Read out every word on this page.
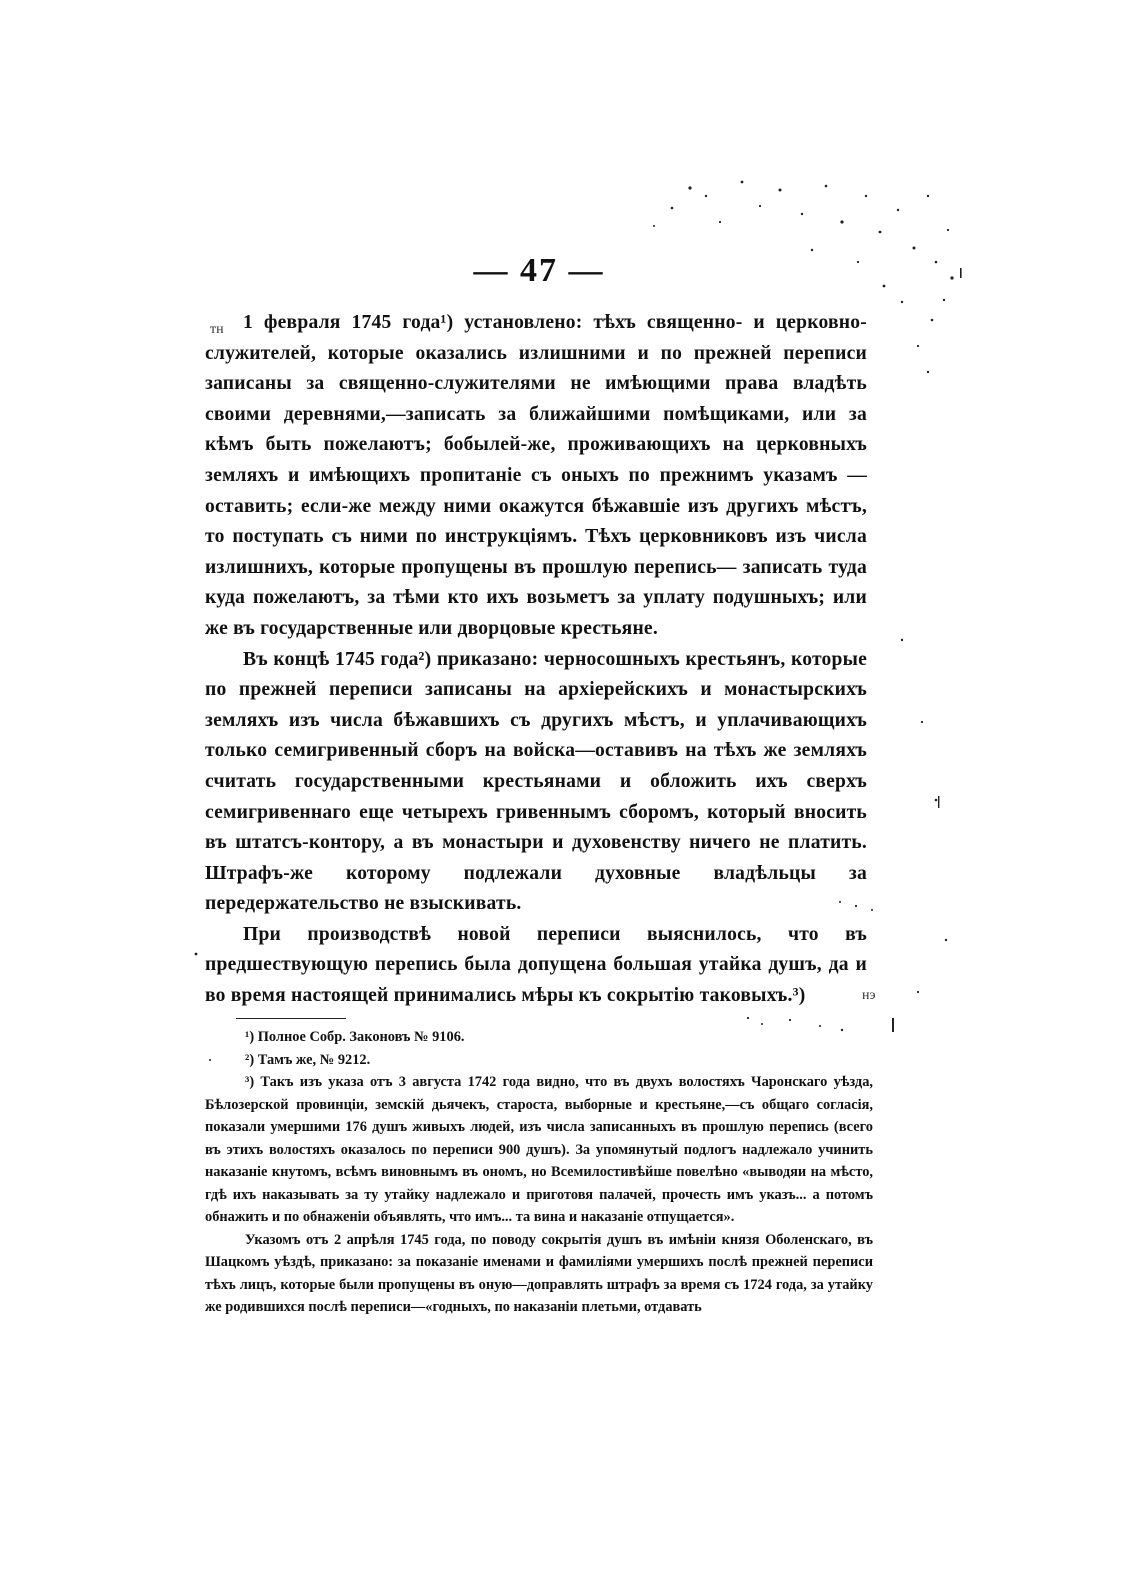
— 47 —
тн
нэ

1 февраля 1745 года¹) установлено: тѣхъ священно- и церковно-служителей, которые оказались излишними и по прежней переписи записаны за священно-служителями не имѣющими права владѣть своими деревнями,—записать за ближайшими помѣщиками, или за кѣмъ быть пожелаютъ; бобылей-же, проживающихъ на церковныхъ земляхъ и имѣющихъ пропитаніе съ оныхъ по прежнимъ указамъ —оставить; если-же между ними окажутся бѣжавшіе изъ другихъ мѣстъ, то поступать съ ними по инструкціямъ. Тѣхъ церковниковъ изъ числа излишнихъ, которые пропущены въ прошлую перепись— записать туда куда пожелаютъ, за тѣми кто ихъ возьметъ за уплату подушныхъ; или же въ государственные или дворцовые крестьяне.

Въ концѣ 1745 года²) приказано: черносошныхъ крестьянъ, которые по прежней переписи записаны на архіерейскихъ и монастырскихъ земляхъ изъ числа бѣжавшихъ съ другихъ мѣстъ, и уплачивающихъ только семигривенный сборъ на войска—оставивъ на тѣхъ же земляхъ считать государственными крестьянами и обложить ихъ сверхъ семигривеннаго еще четырехъ гривеннымъ сборомъ, который вносить въ штатсъ-контору, а въ монастыри и духовенству ничего не платить. Штрафъ-же которому подлежали духовные владѣльцы за передержательство не взыскивать.

При производствѣ новой переписи выяснилось, что въ предшествующую перепись была допущена большая утайка душъ, да и во время настоящей принимались мѣры къ сокрытію таковыхъ.³)

¹) Полное Собр. Законовъ № 9106.

²) Тамъ же, № 9212.

³) Такъ изъ указа отъ 3 августа 1742 года видно, что въ двухъ волостяхъ Чаронскаго уѣзда, Бѣлозерской провинціи, земскій дьячекъ, староста, выборные и крестьяне,—съ общаго согласія, показали умершими 176 душъ живыхъ людей, изъ числа записанныхъ въ прошлую перепись (всего въ этихъ волостяхъ оказалось по переписи 900 душъ). За упомянутый подлогъ надлежало учинить наказаніе кнутомъ, всѣмъ виновнымъ въ ономъ, но Всемилостивѣйше повелѣно «выводяи на мѣсто, гдѣ ихъ наказывать за ту утайку надлежало и приготовя палачей, прочесть имъ указъ... а потомъ обнажить и по обнаженіи объявлять, что имъ... та вина и наказаніе отпущается».

Указомъ отъ 2 апрѣля 1745 года, по поводу сокрытія душъ въ имѣніи князя Оболенскаго, въ Шацкомъ уѣздѣ, приказано: за показаніе именами и фамиліями умершихъ послѣ прежней переписи тѣхъ лицъ, которые были пропущены въ оную—доправлять штрафъ за время съ 1724 года, за утайку же родившихся послѣ переписи—«годныхъ, по наказаніи плетьми, отдавать
